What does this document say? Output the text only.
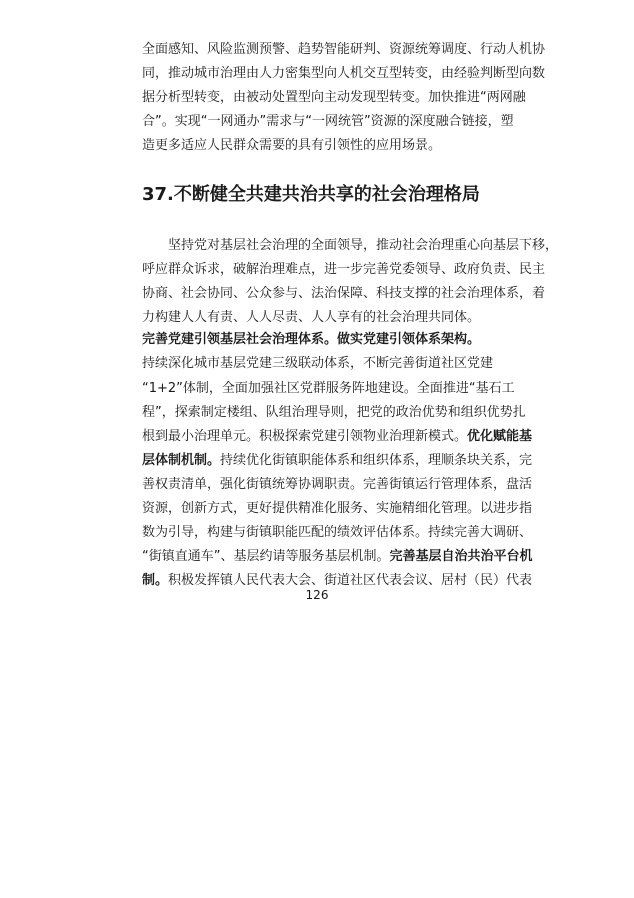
全面感知、风险监测预警、趋势智能研判、资源统筹调度、行动人机协
同，推动城市治理由人力密集型向人机交互型转变，由经验判断型向数
据分析型转变，由被动处置型向主动发现型转变。加快推进“两网融
合”。实现“一网通办”需求与“一网统管”资源的深度融合链接，塑
造更多适应人民群众需要的具有引领性的应用场景。
37.不断健全共建共治共享的社会治理格局
坚持党对基层社会治理的全面领导，推动社会治理重心向基层下移，
呼应群众诉求，破解治理难点，进一步完善党委领导、政府负责、民主
协商、社会协同、公众参与、法治保障、科技支撑的社会治理体系，着
力构建人人有责、人人尽责、人人享有的社会治理共同体。
完善党建引领基层社会治理体系。做实党建引领体系架构。
持续深化城市基层党建三级联动体系，不断完善街道社区党建
“1+2”体制，全面加强社区党群服务阵地建设。全面推进“基石工
程”，探索制定楼组、队组治理导则，把党的政治优势和组织优势扎
根到最小治理单元。积极探索党建引领物业治理新模式。优化赋能基
层体制机制。持续优化街镇职能体系和组织体系，理顺条块关系，完
善权责清单，强化街镇统筹协调职责。完善街镇运行管理体系，盘活
资源，创新方式，更好提供精准化服务、实施精细化管理。以进步指
数为引导，构建与街镇职能匹配的绩效评估体系。持续完善大调研、
“街镇直通车”、基层约请等服务基层机制。完善基层自治共治平台机
制。积极发挥镇人民代表大会、街道社区代表会议、居村（民）代表
126
